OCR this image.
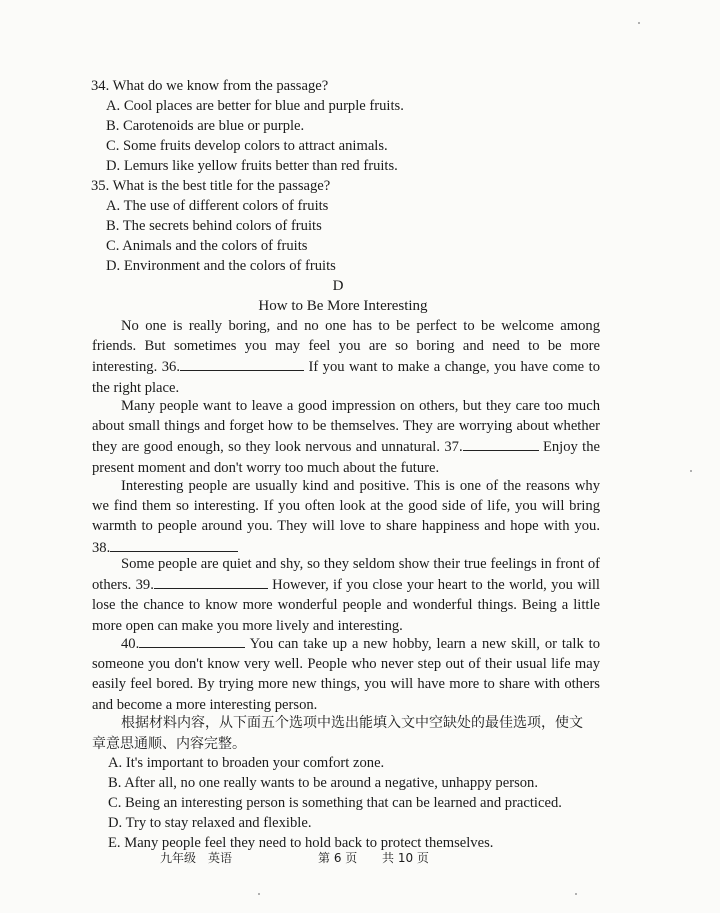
34. What do we know from the passage?
A. Cool places are better for blue and purple fruits.
B. Carotenoids are blue or purple.
C. Some fruits develop colors to attract animals.
D. Lemurs like yellow fruits better than red fruits.
35. What is the best title for the passage?
A. The use of different colors of fruits
B. The secrets behind colors of fruits
C. Animals and the colors of fruits
D. Environment and the colors of fruits
D
How to Be More Interesting

No one is really boring, and no one has to be perfect to be welcome among friends. But sometimes you may feel you are so boring and need to be more interesting. 36.	If you want to make a change, you have come to the right place.

Many people want to leave a good impression on others, but they care too much about small things and forget how to be themselves. They are worrying about whether they are good enough, so they look nervous and unnatural. 37.	Enjoy the present moment and don't worry too much about the future.

Interesting people are usually kind and positive. This is one of the reasons why we find them so interesting. If you often look at the good side of life, you will bring warmth to people around you. They will love to share happiness and hope with you. 38.

Some people are quiet and shy, so they seldom show their true feelings in front of others. 39.	However, if you close your heart to the world, you will lose the chance to know more wonderful people and wonderful things. Being a little more open can make you more lively and interesting.

40.	You can take up a new hobby, learn a new skill, or talk to someone you don't know very well. People who never step out of their usual life may easily feel bored. By trying more new things, you will have more to share with others and become a more interesting person.

根据材料内容，从下面五个选项中选出能填入文中空缺处的最佳选项，使文章意思通顺、内容完整。

A. It's important to broaden your comfort zone.
B. After all, no one really wants to be around a negative, unhappy person.
C. Being an interesting person is something that can be learned and practiced.
D. Try to stay relaxed and flexible.
E. Many people feel they need to hold back to protect themselves.
九年级 英语	第 6 页 共 10 页
